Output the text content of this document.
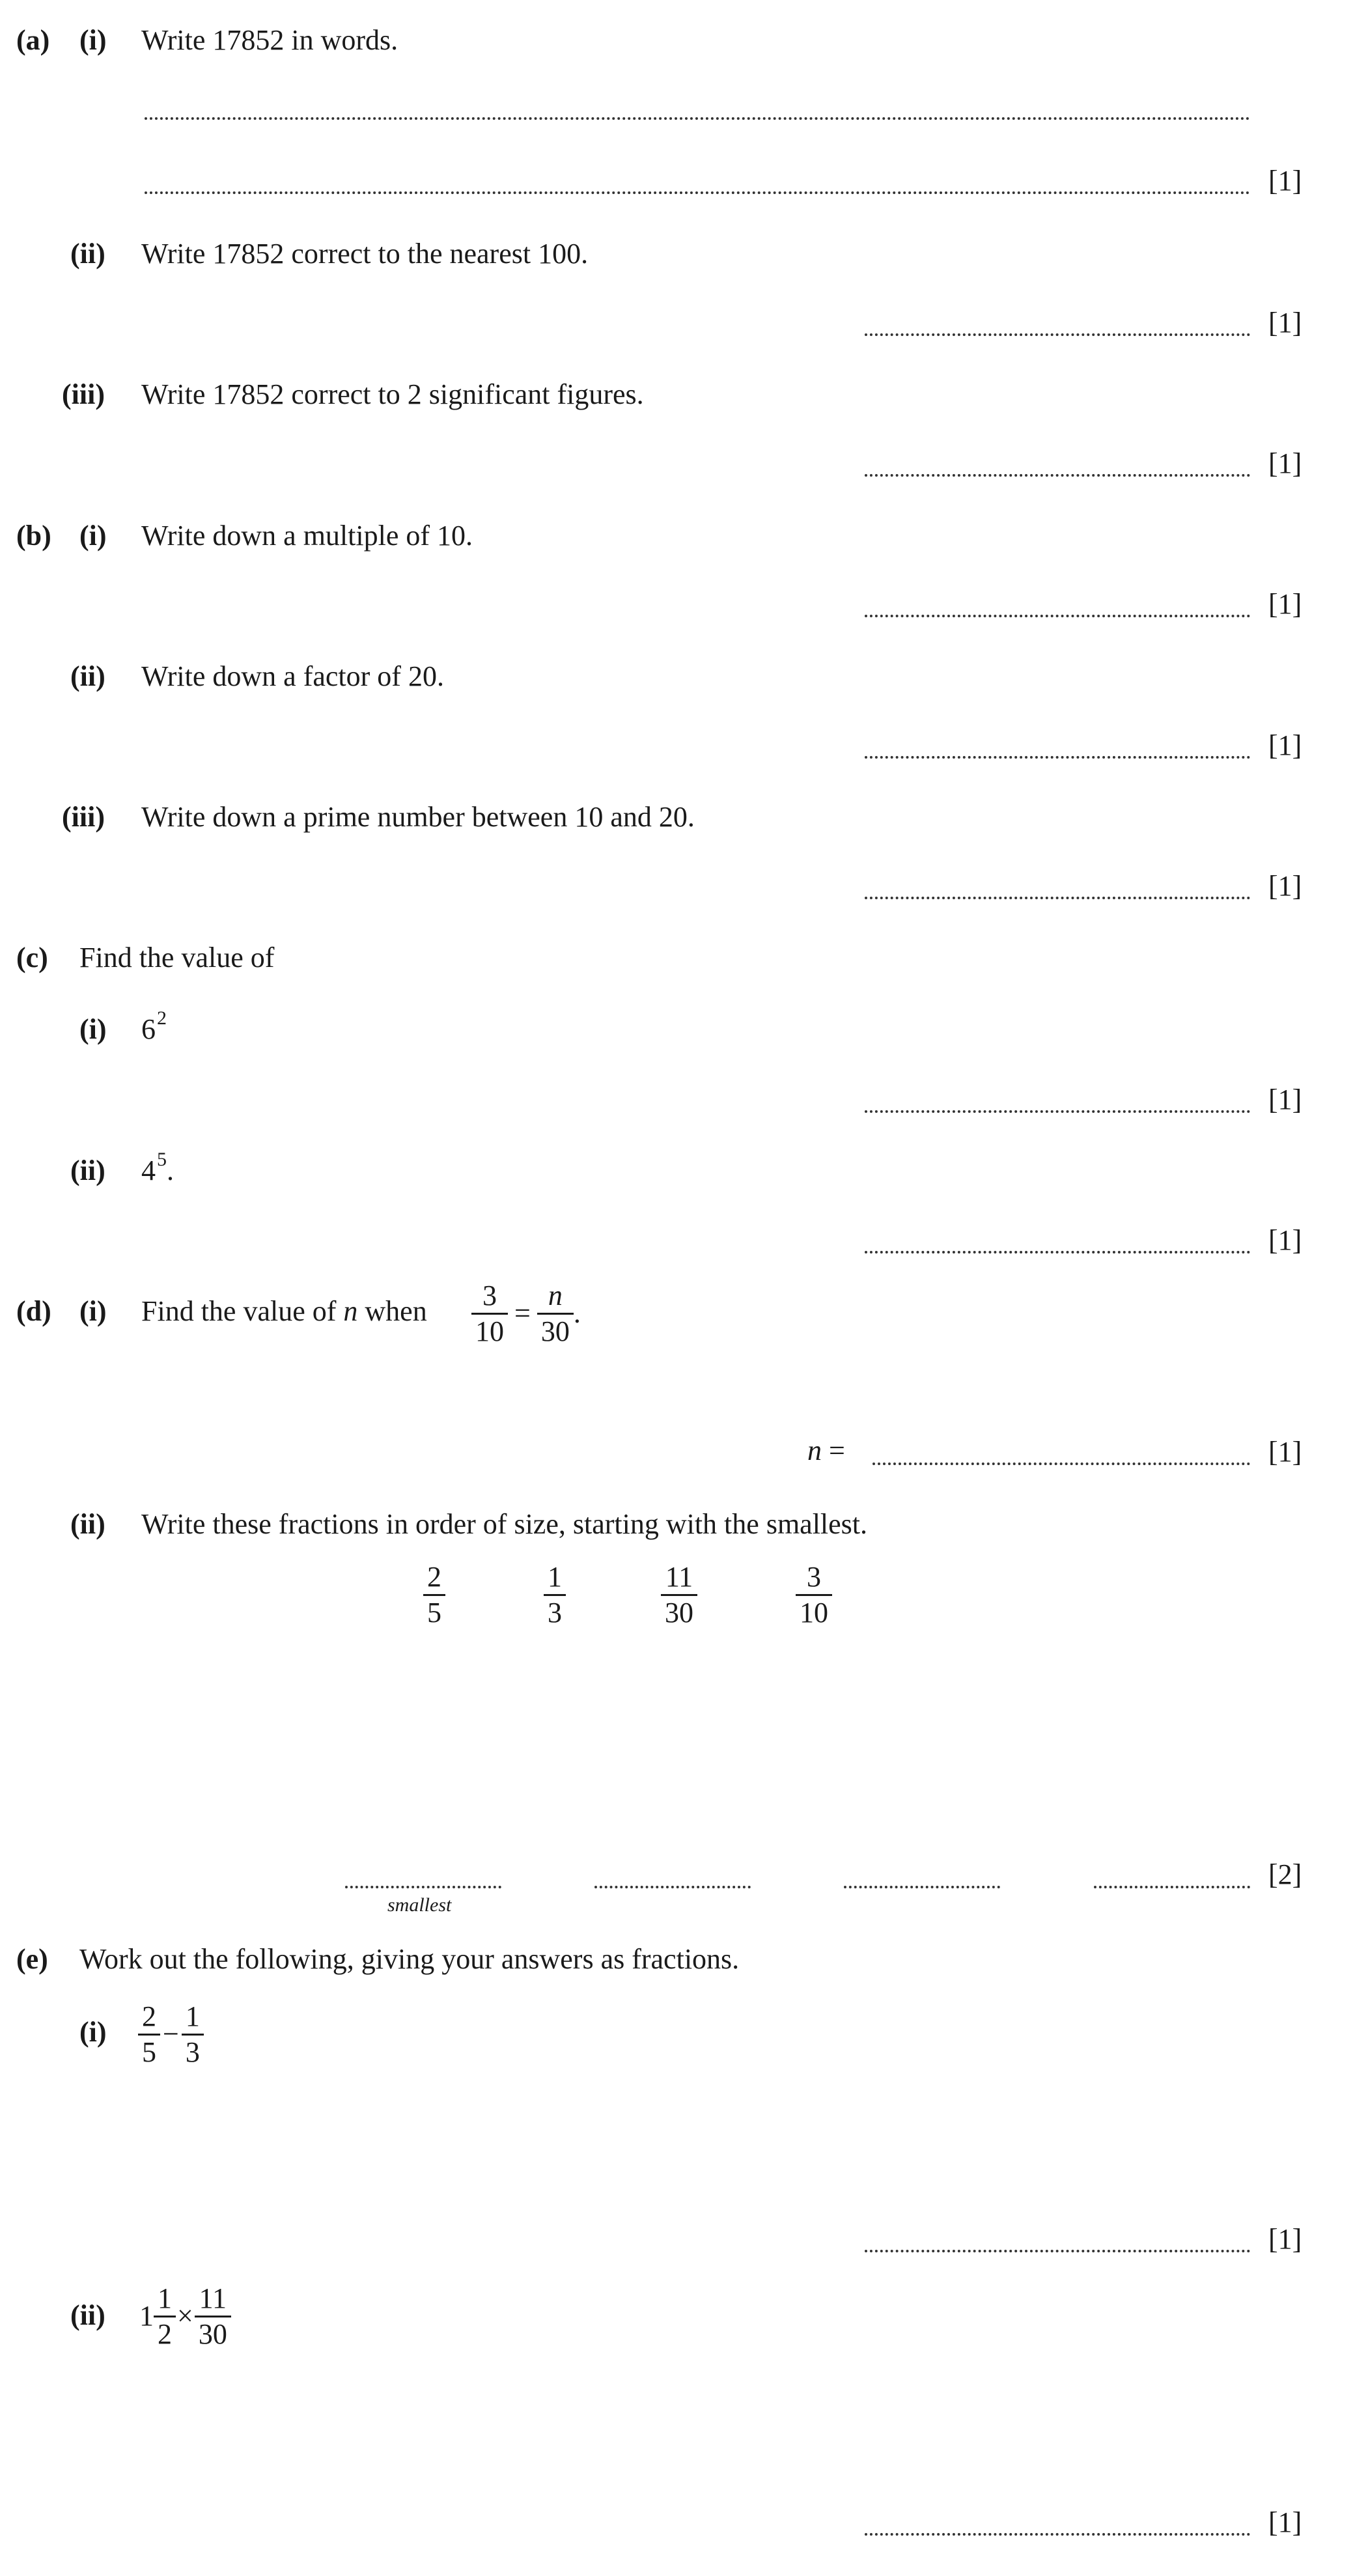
(a) (i) Write 17852 in words.
[1]
(ii) Write 17852 correct to the nearest 100.
[1]
(iii) Write 17852 correct to 2 significant figures.
[1]
(b) (i) Write down a multiple of 10.
[1]
(ii) Write down a factor of 20.
[1]
(iii) Write down a prime number between 10 and 20.
[1]
(c) Find the value of
(i) $6^2$
[1]
(ii) $4^5$.
[1]
(d) (i) Find the value of n when $\frac{3}{10} = \frac{n}{30}$ .
n =	[1]
(ii) Write these fractions in order of size, starting with the smallest.
$\frac{2}{5}$	$\frac{1}{3}$	$\frac{11}{30}$	$\frac{3}{10}$
smallest
[2]
(e) Work out the following, giving your answers as fractions.
$(i) \frac{2}{5} - \frac{1}{3}$
[1]
(ii) $1 \frac{1}{2} \times \frac{11}{30}$
[1]
